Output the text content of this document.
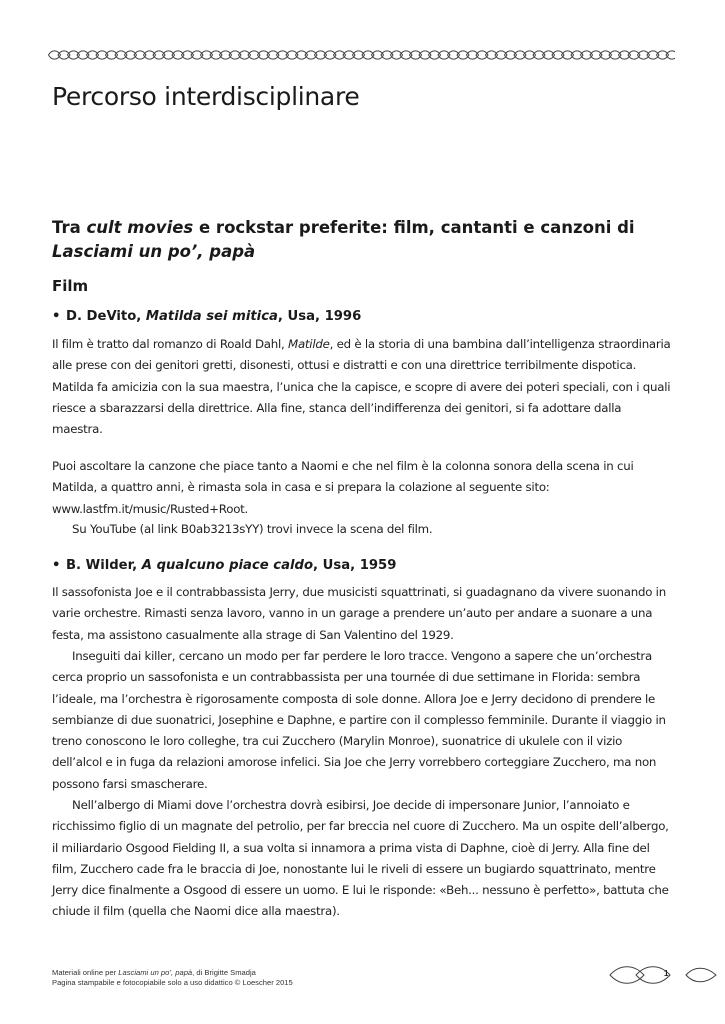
Percorso interdisciplinare
Tra cult movies e rockstar preferite: film, cantanti e canzoni di
Lasciami un po’, papà
Film

• D. DeVito, Matilda sei mitica, Usa, 1996

Il film è tratto dal romanzo di Roald Dahl, Matilde, ed è la storia di una bambina dall’intelligenza straordinaria alle prese con dei genitori gretti, disonesti, ottusi e distratti e con una direttrice terribilmente dispotica. Matilda fa amicizia con la sua maestra, l’unica che la capisce, e scopre di avere dei poteri speciali, con i quali riesce a sbarazzarsi della direttrice. Alla fine, stanca dell’indifferenza dei genitori, si fa adottare dalla maestra.

Puoi ascoltare la canzone che piace tanto a Naomi e che nel film è la colonna sonora della scena in cui Matilda, a quattro anni, è rimasta sola in casa e si prepara la colazione al seguente sito:
www.lastfm.it/music/Rusted+Root.

Su YouTube (al link B0ab3213sYY) trovi invece la scena del film.

• B. Wilder, A qualcuno piace caldo, Usa, 1959

Il sassofonista Joe e il contrabbassista Jerry, due musicisti squattrinati, si guadagnano da vivere suonando in varie orchestre. Rimasti senza lavoro, vanno in un garage a prendere un’auto per andare a suonare a una festa, ma assistono casualmente alla strage di San Valentino del 1929.

Inseguiti dai killer, cercano un modo per far perdere le loro tracce. Vengono a sapere che un’orchestra cerca proprio un sassofonista e un contrabbassista per una tournée di due settimane in Florida: sembra l’ideale, ma l’orchestra è rigorosamente composta di sole donne. Allora Joe e Jerry decidono di prendere le sembianze di due suonatrici, Josephine e Daphne, e partire con il complesso femminile. Durante il viaggio in treno conoscono le loro colleghe, tra cui Zucchero (Marylin Monroe), suonatrice di ukulele con il vizio dell’alcol e in fuga da relazioni amorose infelici. Sia Joe che Jerry vorrebbero corteggiare Zucchero, ma non possono farsi smascherare.

Nell’albergo di Miami dove l’orchestra dovrà esibirsi, Joe decide di impersonare Junior, l’annoiato e ricchissimo figlio di un magnate del petrolio, per far breccia nel cuore di Zucchero. Ma un ospite dell’albergo, il miliardario Osgood Fielding II, a sua volta si innamora a prima vista di Daphne, cioè di Jerry. Alla fine del film, Zucchero cade fra le braccia di Joe, nonostante lui le riveli di essere un bugiardo squattrinato, mentre Jerry dice finalmente a Osgood di essere un uomo. E lui le risponde: «Beh... nessuno è perfetto», battuta che chiude il film (quella che Naomi dice alla maestra).

Materiali online per Lasciami un po’, papà, di Brigitte Smadja
Pagina stampabile e fotocopiabile solo a uso didattico © Loescher 2015
1
